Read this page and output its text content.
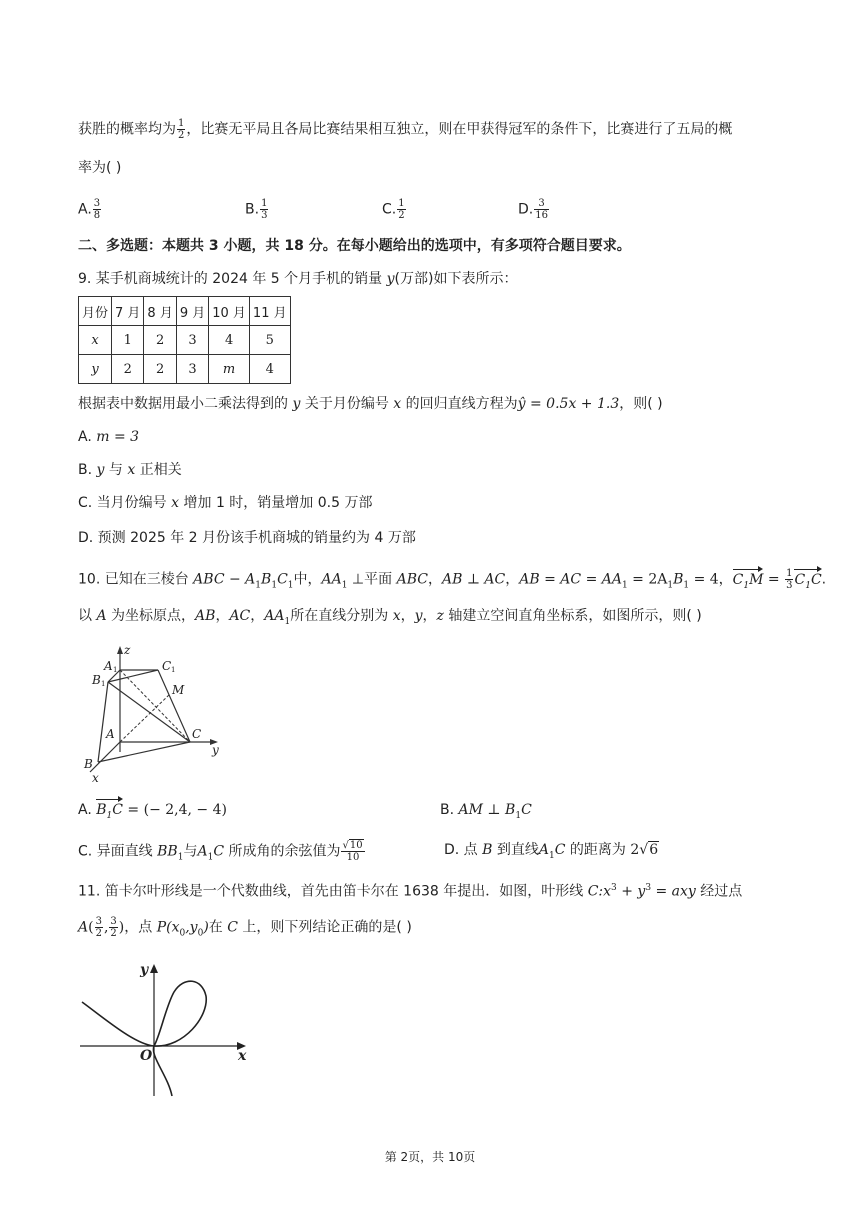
获胜的概率均为 $\frac{1}{2}$ ，比赛无平局且各局比赛结果相互独立，则在甲获得冠军的条件下，比赛进行了五局的概
率为( )
A. $\frac{3}{8}$	B. $\frac{1}{3}$	C. $\frac{1}{2}$	D. $\frac{3}{16}$
二、多选题：本题共 3 小题，共 18 分。在每小题给出的选项中，有多项符合题目要求。
9. 某手机商城统计的 2024 年 5 个月手机的销量 y(万部)如下表所示：
月份	7 月	8 月	9 月	10 月	11 月
x	1	2	3	4	5
y	2	2	3	m	4
根据表中数据用最小二乘法得到的 y 关于月份编号 x 的回归直线方程为ŷ = 0.5x + 1.3，则( )
A. m = 3
B. y 与 x 正相关
C. 当月份编号 x 增加 1 时，销量增加 0.5 万部
D. 预测 2025 年 2 月份该手机商城的销量约为 4 万部
10. 已知在三棱台 ABC − $A_1B_1C_1$中，$AA_1$ ⊥平面 ABC，AB ⊥ AC，AB = AC = $AA_1 = 2A_1B_1 = 4$，$C_1M = \frac{1}{3} C_1C$.
以 A 为坐标原点，AB，AC，$AA_1$所在直线分别为 x，y，z 轴建立空间直角坐标系，如图所示，则( )
z
A	C
B
M
A	C
y
B
x
1	1
1
A. $B_1C$ = (− 2,4, − 4)	B. AM ⊥ $B_1C$
C. 异面直线 $BB_1$与$A_1C$ 所成角的余弦值为 $\frac{√10}{10}$	D. 点 B 到直线$A_1C$ 的距离为 2√6
11. 笛卡尔叶形线是一个代数曲线，首先由笛卡尔在 1638 年提出．如图，叶形线 $C:x^3 + y^3$ = axy 经过点
$A( \frac{3}{2}$ , $\frac{3}{2}$ )，点 $P(x_0,y_0)$在 C 上，则下列结论正确的是( )
y
x
O
第 2页，共 10页
